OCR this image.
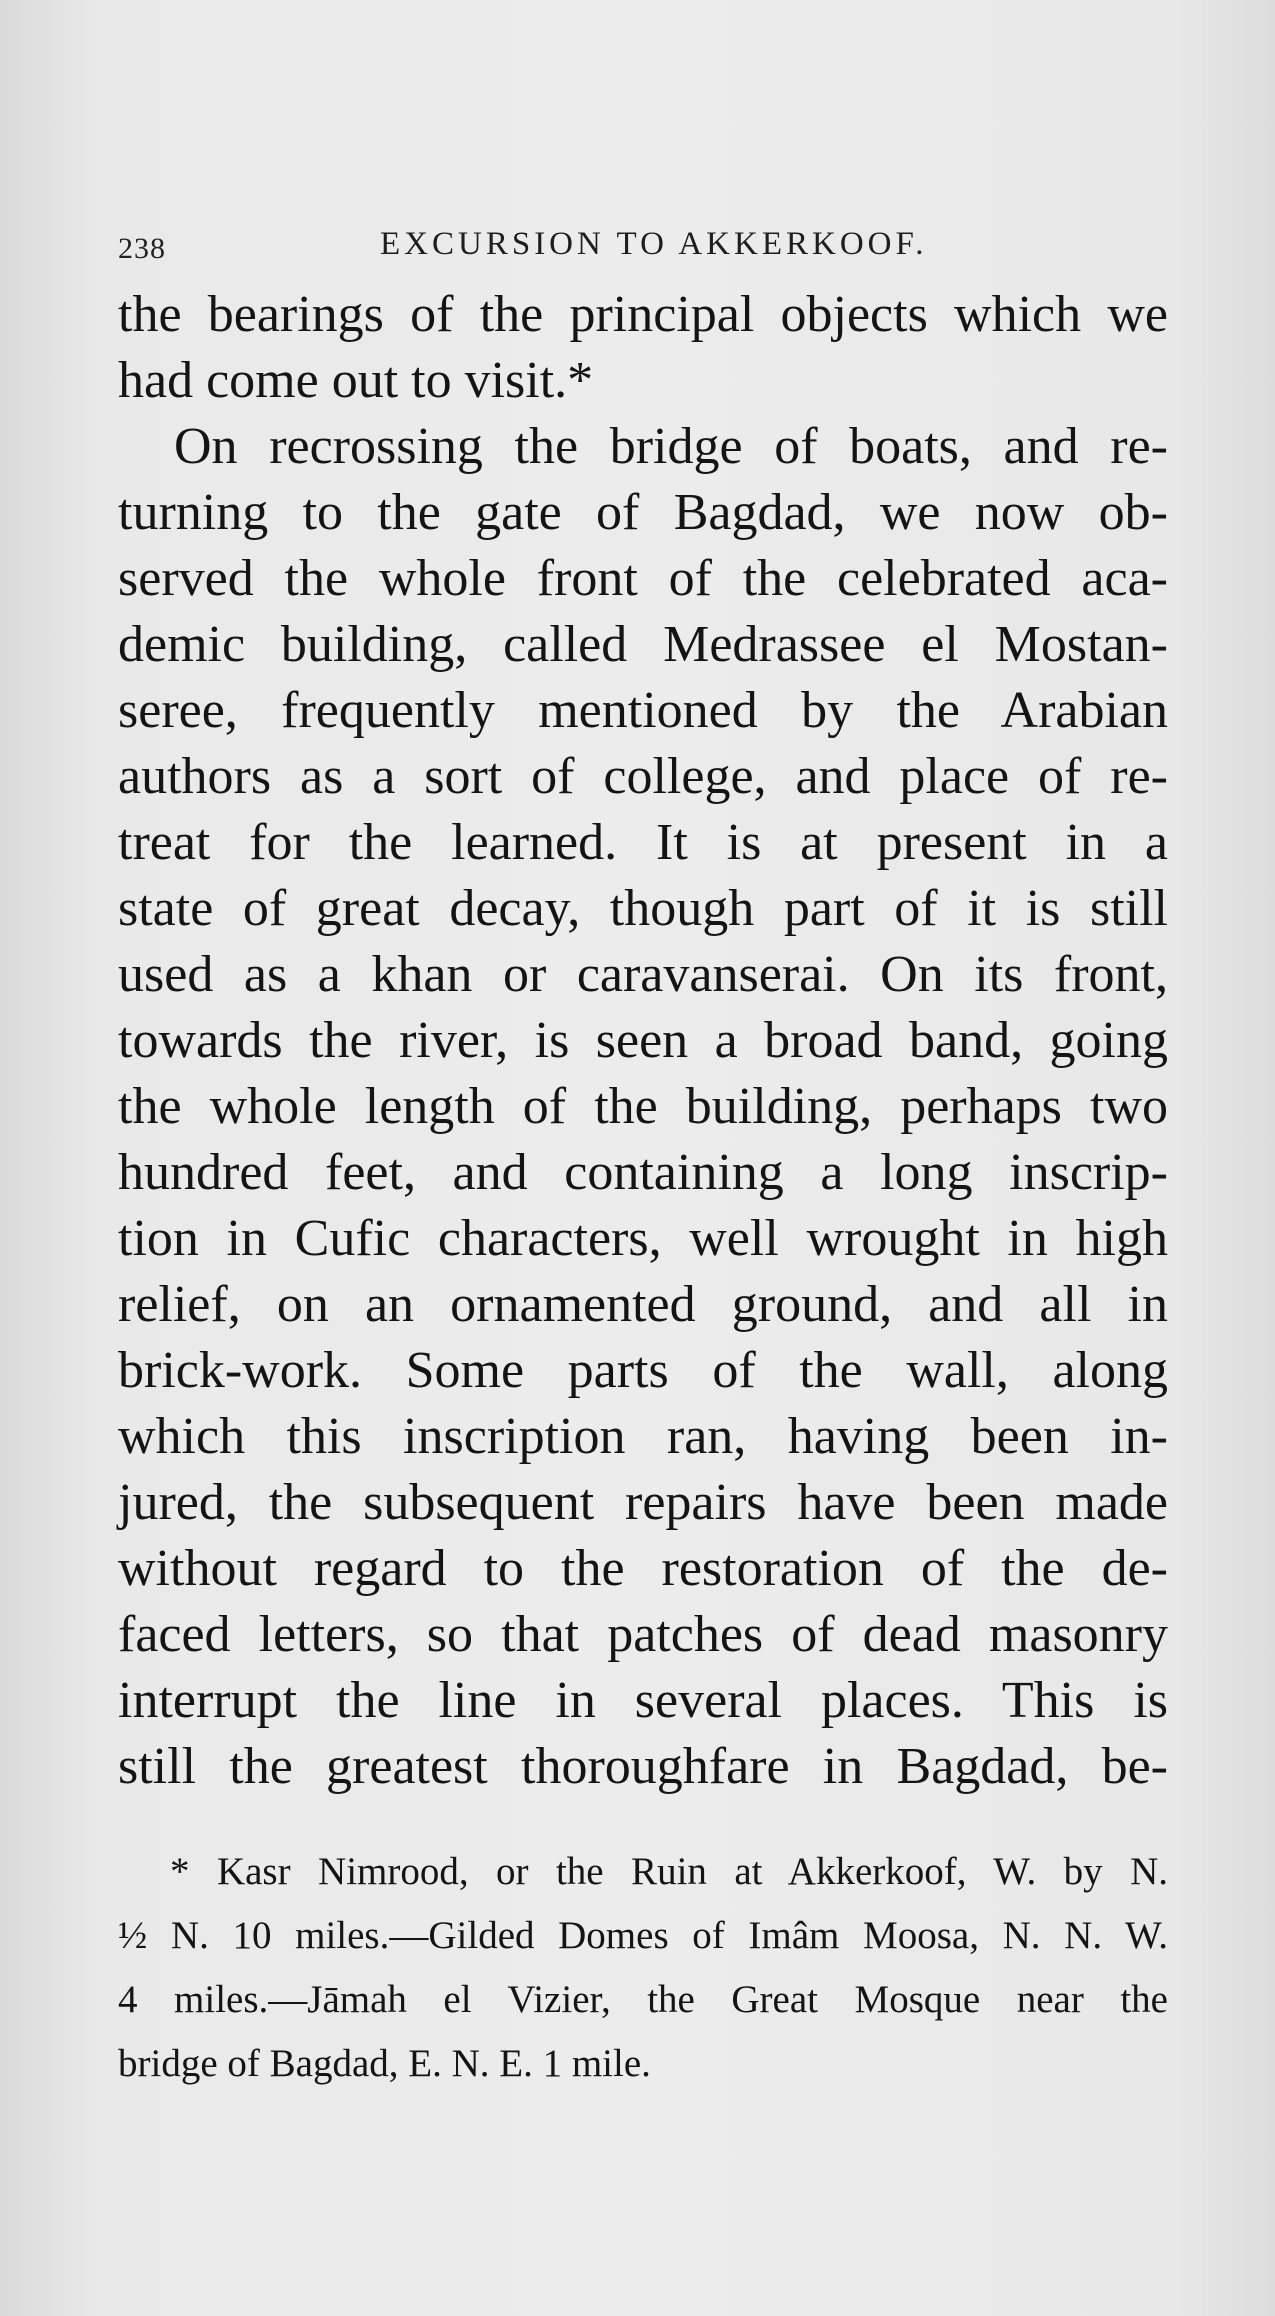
238	EXCURSION TO AKKERKOOF.
the bearings of the principal objects which we
had come out to visit.*
On recrossing the bridge of boats, and re-
turning to the gate of Bagdad, we now ob-
served the whole front of the celebrated aca-
demic building, called Medrassee el Mostan-
seree, frequently mentioned by the Arabian
authors as a sort of college, and place of re-
treat for the learned. It is at present in a
state of great decay, though part of it is still
used as a khan or caravanserai. On its front,
towards the river, is seen a broad band, going
the whole length of the building, perhaps two
hundred feet, and containing a long inscrip-
tion in Cufic characters, well wrought in high
relief, on an ornamented ground, and all in
brick-work. Some parts of the wall, along
which this inscription ran, having been in-
jured, the subsequent repairs have been made
without regard to the restoration of the de-
faced letters, so that patches of dead masonry
interrupt the line in several places. This is
still the greatest thoroughfare in Bagdad, be-
* Kasr Nimrood, or the Ruin at Akkerkoof, W. by N.
½ N. 10 miles.—Gilded Domes of Imâm Moosa, N. N. W.
4 miles.—Jāmah el Vizier, the Great Mosque near the
bridge of Bagdad, E. N. E. 1 mile.
